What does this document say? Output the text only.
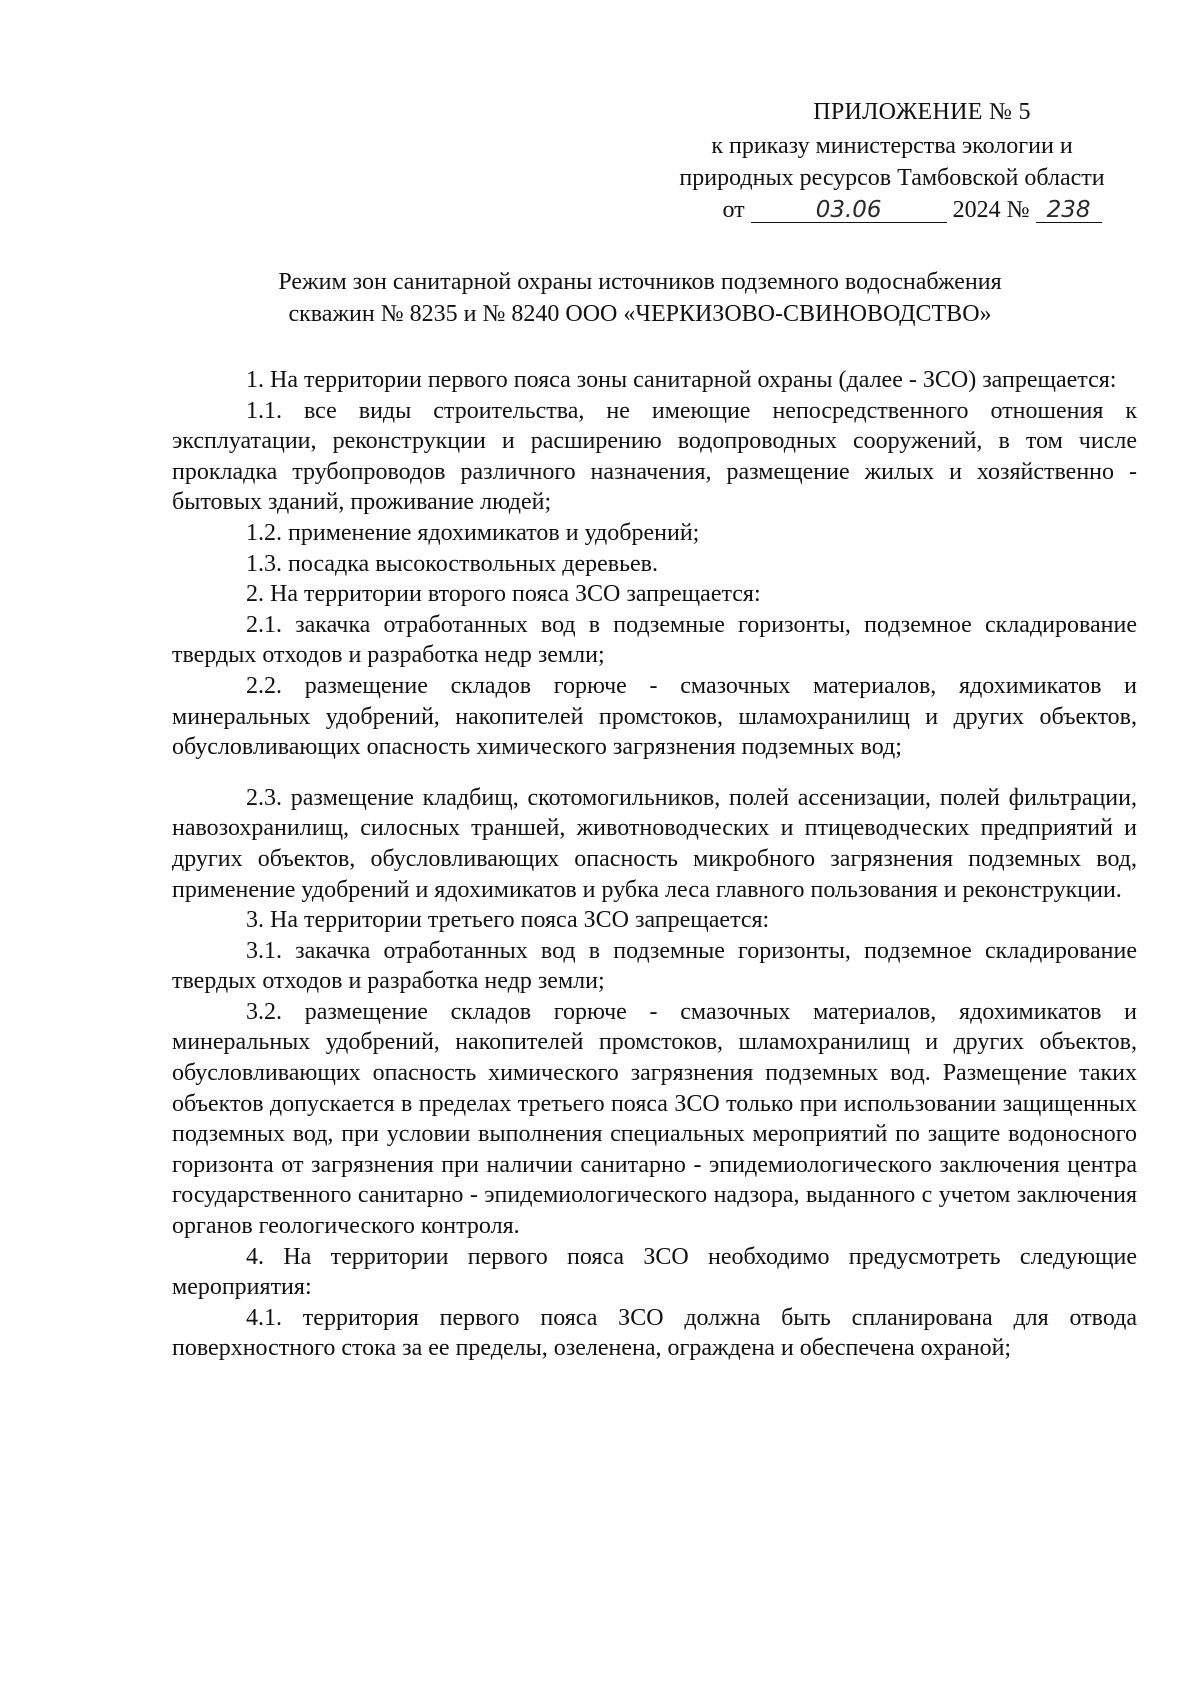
ПРИЛОЖЕНИЕ № 5
к приказу министерства экологии и
природных ресурсов Тамбовской области
от	03.06	2024 № 238
Режим зон санитарной охраны источников подземного водоснабжения
скважин № 8235 и № 8240 ООО «ЧЕРКИЗОВО-СВИНОВОДСТВО»

1. На территории первого пояса зоны санитарной охраны (далее - ЗСО) запрещается:

1.1. все виды строительства, не имеющие непосредственного отношения к эксплуатации, реконструкции и расширению водопроводных сооружений, в том числе прокладка трубопроводов различного назначения, размещение жилых и хозяйственно - бытовых зданий, проживание людей;

1.2. применение ядохимикатов и удобрений;

1.3. посадка высокоствольных деревьев.

2. На территории второго пояса ЗСО запрещается:

2.1. закачка отработанных вод в подземные горизонты, подземное складирование твердых отходов и разработка недр земли;

2.2. размещение складов горюче - смазочных материалов, ядохимикатов и минеральных удобрений, накопителей промстоков, шламохранилищ и других объектов, обусловливающих опасность химического загрязнения подземных вод;

2.3. размещение кладбищ, скотомогильников, полей ассенизации, полей фильтрации, навозохранилищ, силосных траншей, животноводческих и птицеводческих предприятий и других объектов, обусловливающих опасность микробного загрязнения подземных вод, применение удобрений и ядохимикатов и рубка леса главного пользования и реконструкции.

3. На территории третьего пояса ЗСО запрещается:

3.1. закачка отработанных вод в подземные горизонты, подземное складирование твердых отходов и разработка недр земли;

3.2. размещение складов горюче - смазочных материалов, ядохимикатов и минеральных удобрений, накопителей промстоков, шламохранилищ и других объектов, обусловливающих опасность химического загрязнения подземных вод. Размещение таких объектов допускается в пределах третьего пояса ЗСО только при использовании защищенных подземных вод, при условии выполнения специальных мероприятий по защите водоносного горизонта от загрязнения при наличии санитарно - эпидемиологического заключения центра государственного санитарно - эпидемиологического надзора, выданного с учетом заключения органов геологического контроля.

4. На территории первого пояса ЗСО необходимо предусмотреть следующие мероприятия:

4.1. территория первого пояса ЗСО должна быть спланирована для отвода поверхностного стока за ее пределы, озеленена, ограждена и обеспечена охраной;
